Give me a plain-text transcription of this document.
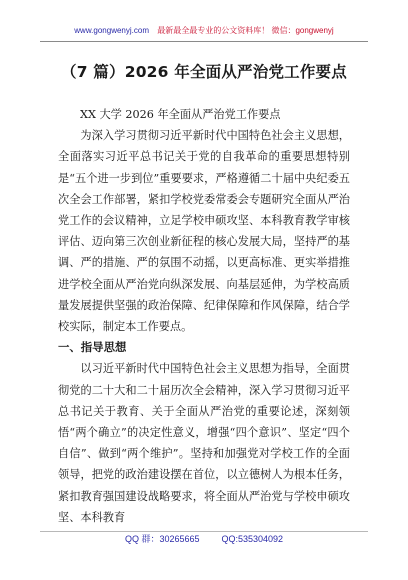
www.gongwenyj.com 最新最全最专业的公文资料库！ 微信：gongwenyj
（7 篇）2026 年全面从严治党工作要点

XX 大学 2026 年全面从严治党工作要点

为深入学习贯彻习近平新时代中国特色社会主义思想，全面落实习近平总书记关于党的自我革命的重要思想特别是“五个进一步到位”重要要求，严格遵循二十届中央纪委五次全会工作部署，紧扣学校党委常委会专题研究全面从严治党工作的会议精神，立足学校申硕攻坚、本科教育教学审核评估、迈向第三次创业新征程的核心发展大局，坚持严的基调、严的措施、严的氛围不动摇，以更高标准、更实举措推进学校全面从严治党向纵深发展、向基层延伸，为学校高质量发展提供坚强的政治保障、纪律保障和作风保障，结合学校实际，制定本工作要点。

一、指导思想

以习近平新时代中国特色社会主义思想为指导，全面贯彻党的二十大和二十届历次全会精神，深入学习贯彻习近平总书记关于教育、关于全面从严治党的重要论述，深刻领悟“两个确立”的决定性意义，增强“四个意识”、坚定“四个自信”、做到“两个维护”。坚持和加强党对学校工作的全面领导，把党的政治建设摆在首位，以立德树人为根本任务，紧扣教育强国建设战略要求，将全面从严治党与学校申硕攻坚、本科教育

QQ 群：30265665 QQ:535304092
